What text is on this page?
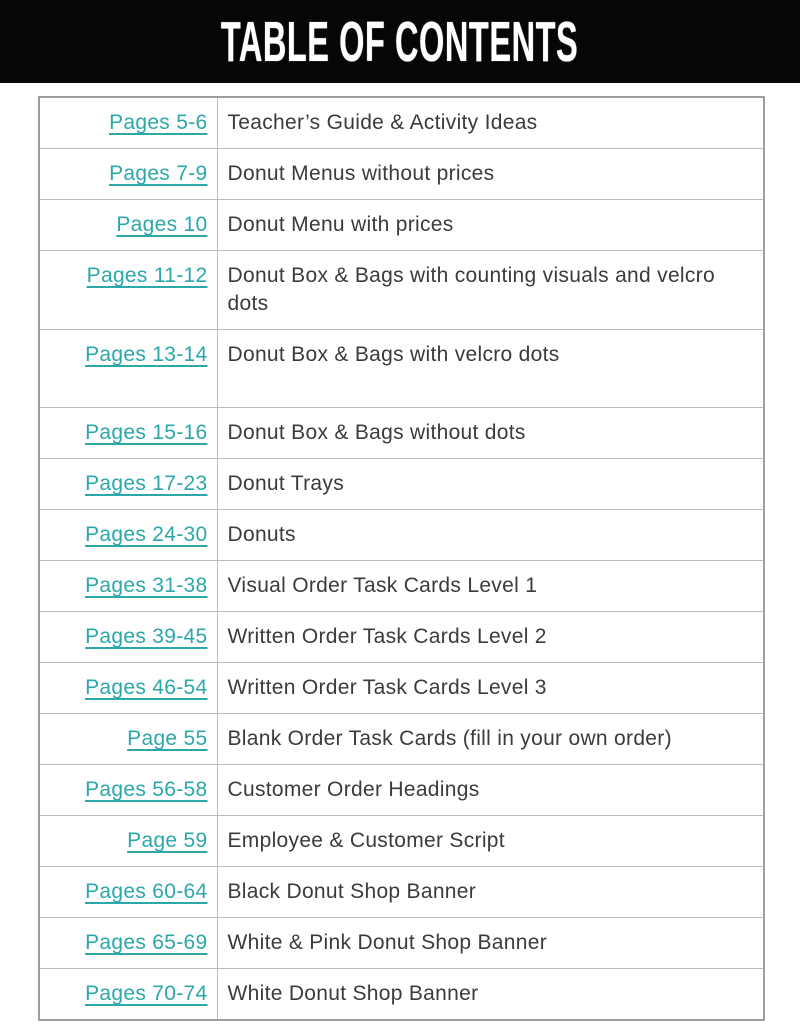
TABLE OF CONTENTS
Pages 5-6	Teacher’s Guide & Activity Ideas
Pages 7-9	Donut Menus without prices
Pages 10	Donut Menu with prices
Pages 11-12	Donut Box & Bags with counting visuals and velcro dots
Pages 13-14	Donut Box & Bags with velcro dots
Pages 15-16	Donut Box & Bags without dots
Pages 17-23	Donut Trays
Pages 24-30	Donuts
Pages 31-38	Visual Order Task Cards Level 1
Pages 39-45	Written Order Task Cards Level 2
Pages 46-54	Written Order Task Cards Level 3
Page 55	Blank Order Task Cards (fill in your own order)
Pages 56-58	Customer Order Headings
Page 59	Employee & Customer Script
Pages 60-64	Black Donut Shop Banner
Pages 65-69	White & Pink Donut Shop Banner
Pages 70-74	White Donut Shop Banner
